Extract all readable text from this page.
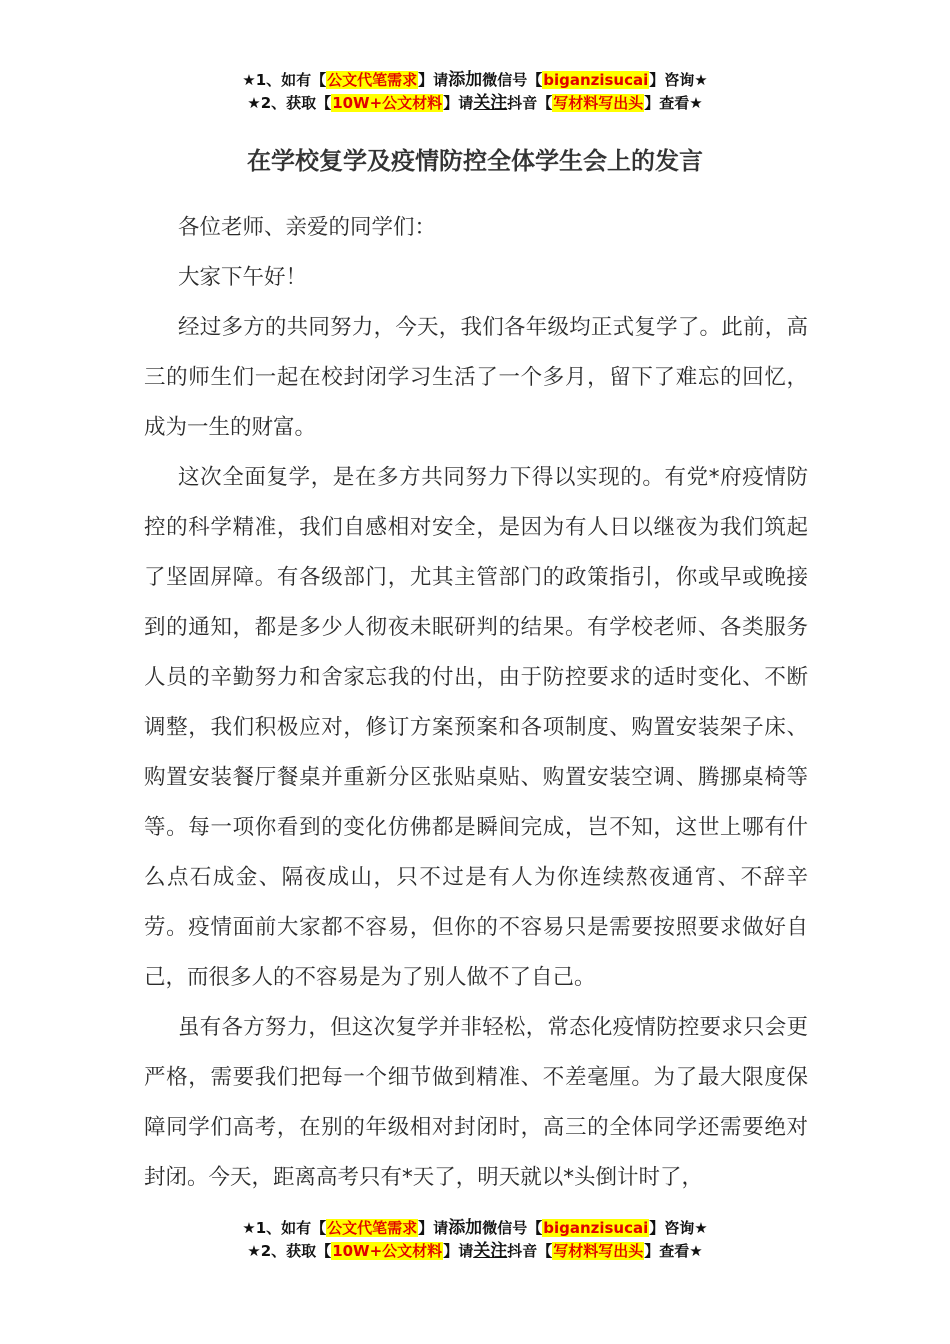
★1、如有【公文代笔需求】请添加微信号【biganzisucai】咨询★
★2、获取【10W+公文材料】请关注抖音【写材料写出头】查看★
在学校复学及疫情防控全体学生会上的发言

各位老师、亲爱的同学们：

大家下午好！

经过多方的共同努力，今天，我们各年级均正式复学了。此前，高三的师生们一起在校封闭学习生活了一个多月，留下了难忘的回忆，成为一生的财富。

这次全面复学，是在多方共同努力下得以实现的。有党*府疫情防控的科学精准，我们自感相对安全，是因为有人日以继夜为我们筑起了坚固屏障。有各级部门，尤其主管部门的政策指引，你或早或晚接到的通知，都是多少人彻夜未眠研判的结果。有学校老师、各类服务人员的辛勤努力和舍家忘我的付出，由于防控要求的适时变化、不断调整，我们积极应对，修订方案预案和各项制度、购置安装架子床、购置安装餐厅餐桌并重新分区张贴桌贴、购置安装空调、腾挪桌椅等等。每一项你看到的变化仿佛都是瞬间完成，岂不知，这世上哪有什么点石成金、隔夜成山，只不过是有人为你连续熬夜通宵、不辞辛劳。疫情面前大家都不容易，但你的不容易只是需要按照要求做好自己，而很多人的不容易是为了别人做不了自己。

虽有各方努力，但这次复学并非轻松，常态化疫情防控要求只会更严格，需要我们把每一个细节做到精准、不差毫厘。为了最大限度保障同学们高考，在别的年级相对封闭时，高三的全体同学还需要绝对封闭。今天，距离高考只有*天了，明天就以*头倒计时了，

★1、如有【公文代笔需求】请添加微信号【biganzisucai】咨询★
★2、获取【10W+公文材料】请关注抖音【写材料写出头】查看★
